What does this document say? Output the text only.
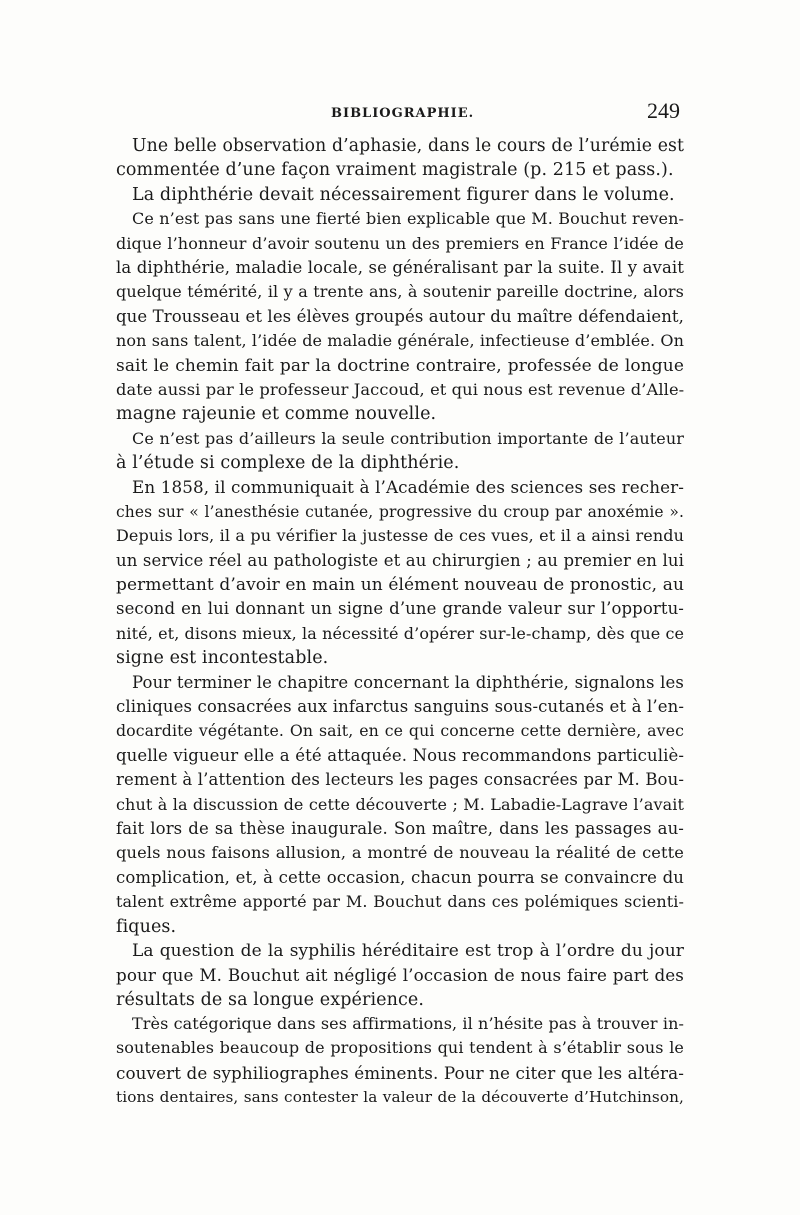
BIBLIOGRAPHIE.	249
Une belle observation d’aphasie, dans le cours de l’urémie est
commentée d’une façon vraiment magistrale (p. 215 et pass.).
La diphthérie devait nécessairement figurer dans le volume.
Ce n’est pas sans une fierté bien explicable que M. Bouchut reven-
dique l’honneur d’avoir soutenu un des premiers en France l’idée de
la diphthérie, maladie locale, se généralisant par la suite. Il y avait
quelque témérité, il y a trente ans, à soutenir pareille doctrine, alors
que Trousseau et les élèves groupés autour du maître défendaient,
non sans talent, l’idée de maladie générale, infectieuse d’emblée. On
sait le chemin fait par la doctrine contraire, professée de longue
date aussi par le professeur Jaccoud, et qui nous est revenue d’Alle-
magne rajeunie et comme nouvelle.
Ce n’est pas d’ailleurs la seule contribution importante de l’auteur
à l’étude si complexe de la diphthérie.
En 1858, il communiquait à l’Académie des sciences ses recher-
ches sur « l’anesthésie cutanée, progressive du croup par anoxémie ».
Depuis lors, il a pu vérifier la justesse de ces vues, et il a ainsi rendu
un service réel au pathologiste et au chirurgien ; au premier en lui
permettant d’avoir en main un élément nouveau de pronostic, au
second en lui donnant un signe d’une grande valeur sur l’opportu-
nité, et, disons mieux, la nécessité d’opérer sur-le-champ, dès que ce
signe est incontestable.
Pour terminer le chapitre concernant la diphthérie, signalons les
cliniques consacrées aux infarctus sanguins sous-cutanés et à l’en-
docardite végétante. On sait, en ce qui concerne cette dernière, avec
quelle vigueur elle a été attaquée. Nous recommandons particuliè-
rement à l’attention des lecteurs les pages consacrées par M. Bou-
chut à la discussion de cette découverte ; M. Labadie-Lagrave l’avait
fait lors de sa thèse inaugurale. Son maître, dans les passages au-
quels nous faisons allusion, a montré de nouveau la réalité de cette
complication, et, à cette occasion, chacun pourra se convaincre du
talent extrême apporté par M. Bouchut dans ces polémiques scienti-
fiques.
La question de la syphilis héréditaire est trop à l’ordre du jour
pour que M. Bouchut ait négligé l’occasion de nous faire part des
résultats de sa longue expérience.
Très catégorique dans ses affirmations, il n’hésite pas à trouver in-
soutenables beaucoup de propositions qui tendent à s’établir sous le
couvert de syphiliographes éminents. Pour ne citer que les altéra-
tions dentaires, sans contester la valeur de la découverte d’Hutchinson,
